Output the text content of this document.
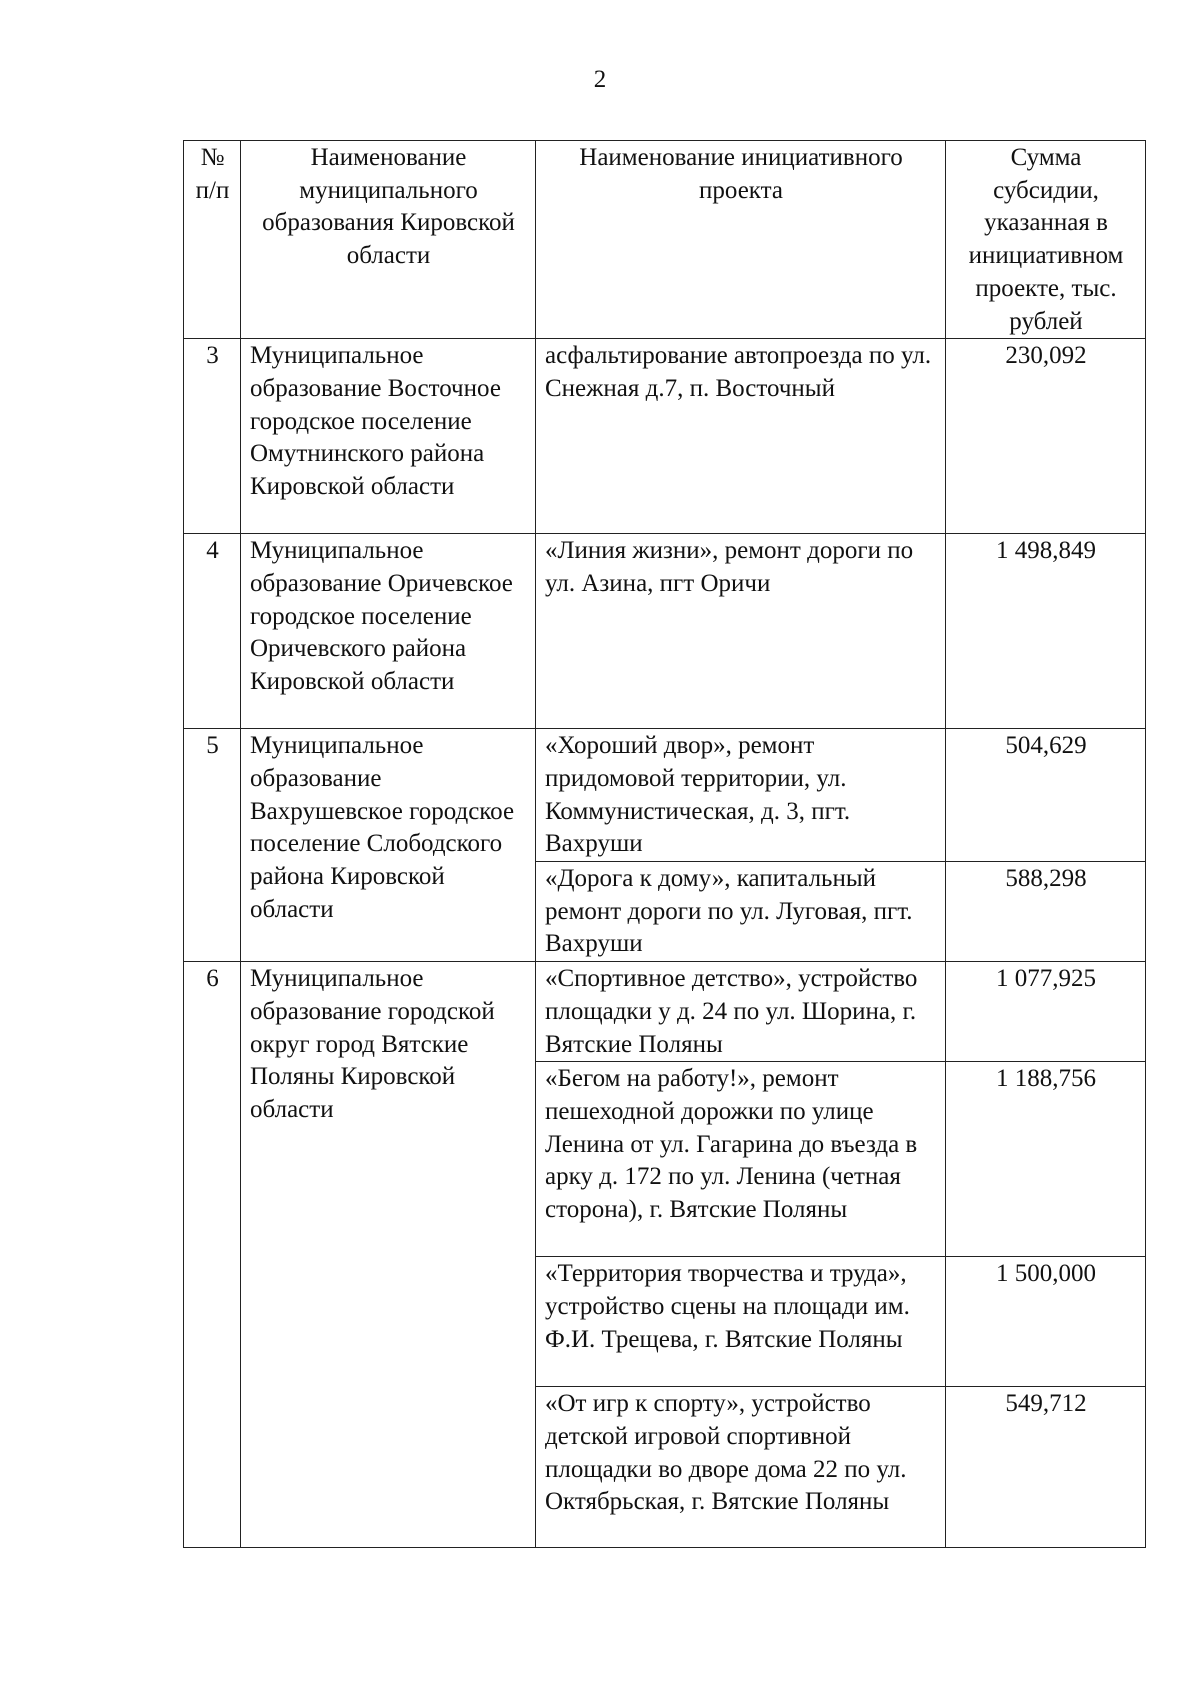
2
№ п/п	Наименование муниципального образования Кировской области	Наименование инициативного проекта	Сумма субсидии, указанная в инициативном проекте, тыс. рублей
3	Муниципальное образование Восточное городское поселение Омутнинского района Кировской области	асфальтирование автопроезда по ул. Снежная д.7, п. Восточный	230,092
4	Муниципальное образование Оричевское городское поселение Оричевского района Кировской области	«Линия жизни», ремонт дороги по ул. Азина, пгт Оричи	1 498,849
5	Муниципальное образование Вахрушевское городское поселение Слободского района Кировской области	«Хороший двор», ремонт придомовой территории, ул. Коммунистическая, д. 3, пгт. Вахруши	504,629
		«Дорога к дому», капитальный ремонт дороги по ул. Луговая, пгт. Вахруши	588,298
6	Муниципальное образование городской округ город Вятские Поляны Кировской области	«Спортивное детство», устройство площадки у д. 24 по ул. Шорина, г. Вятские Поляны	1 077,925
		«Бегом на работу!», ремонт пешеходной дорожки по улице Ленина от ул. Гагарина до въезда в арку д. 172 по ул. Ленина (четная сторона), г. Вятские Поляны	1 188,756
		«Территория творчества и труда», устройство сцены на площади им. Ф.И. Трещева, г. Вятские Поляны	1 500,000
		«От игр к спорту», устройство детской игровой спортивной площадки во дворе дома 22 по ул. Октябрьская, г. Вятские Поляны	549,712
